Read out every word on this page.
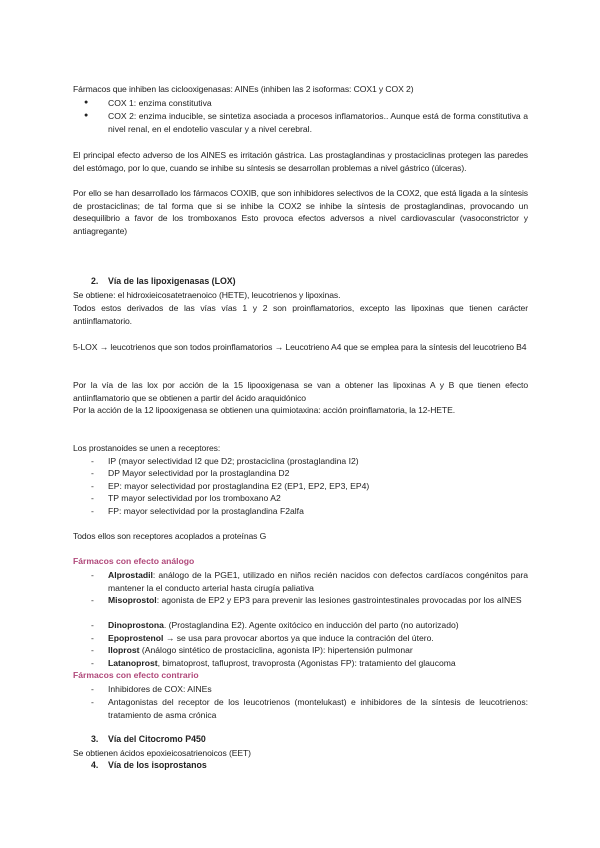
Fármacos que inhiben las ciclooxigenasas: AINEs (inhiben las 2 isoformas: COX1 y COX 2)
● COX 1: enzima constitutiva
● COX 2: enzima inducible, se sintetiza asociada a procesos inflamatorios.. Aunque está de forma constitutiva a nivel renal, en el endotelio vascular y a nivel cerebral.
El principal efecto adverso de los AINES es irritación gástrica. Las prostaglandinas y prostaciclinas protegen las paredes del estómago, por lo que, cuando se inhibe su síntesis se desarrollan problemas a nivel gástrico (úlceras).
Por ello se han desarrollado los fármacos COXIB, que son inhibidores selectivos de la COX2, que está ligada a la síntesis de prostaciclinas; de tal forma que si se inhibe la COX2 se inhibe la síntesis de prostaglandinas, provocando un desequilibrio a favor de los tromboxanos Esto provoca efectos adversos a nivel cardiovascular (vasoconstrictor y antiagregante)
2. Vía de las lipoxigenasas (LOX)
Se obtiene: el hidroxieicosatetraenoico (HETE), leucotrienos y lipoxinas.
Todos estos derivados de las vías vías 1 y 2 son proinflamatorios, excepto las lipoxinas que tienen carácter antiinflamatorio.
5-LOX → leucotrienos que son todos proinflamatorios → Leucotrieno A4 que se emplea para la síntesis del leucotrieno B4
Por la vía de las lox por acción de la 15 lipooxigenasa se van a obtener las lipoxinas A y B que tienen efecto antiinflamatorio que se obtienen a partir del ácido araquidónico
Por la acción de la 12 lipooxigenasa se obtienen una quimiotaxina: acción proinflamatoria, la 12-HETE.
Los prostanoides se unen a receptores:
- IP (mayor selectividad I2 que D2; prostaciclina (prostaglandina I2)
- DP Mayor selectividad por la prostaglandina D2
- EP: mayor selectividad por prostaglandina E2 (EP1, EP2, EP3, EP4)
- TP mayor selectividad por los tromboxano A2
- FP: mayor selectividad por la prostaglandina F2alfa
Todos ellos son receptores acoplados a proteínas G
Fármacos con efecto análogo
- Alprostadil: análogo de la PGE1, utilizado en niños recién nacidos con defectos cardíacos congénitos para mantener la el conducto arterial hasta cirugía paliativa
- Misoprostol: agonista de EP2 y EP3 para prevenir las lesiones gastrointestinales provocadas por los aINES
- Dinoprostona. (Prostaglandina E2). Agente oxitócico en inducción del parto (no autorizado)
- Epoprostenol → se usa para provocar abortos ya que induce la contración del útero.
- Iloprost (Análogo sintético de prostaciclina, agonista IP): hipertensión pulmonar
- Latanoprost, bimatoprost, tafluprost, travoprosta (Agonistas FP): tratamiento del glaucoma
Fármacos con efecto contrario
- Inhibidores de COX: AINEs
- Antagonistas del receptor de los leucotrienos (montelukast) e inhibidores de la síntesis de leucotrienos: tratamiento de asma crónica
3. Vía del Citocromo P450
Se obtienen ácidos epoxieicosatrienoicos (EET)
4. Vía de los isoprostanos
